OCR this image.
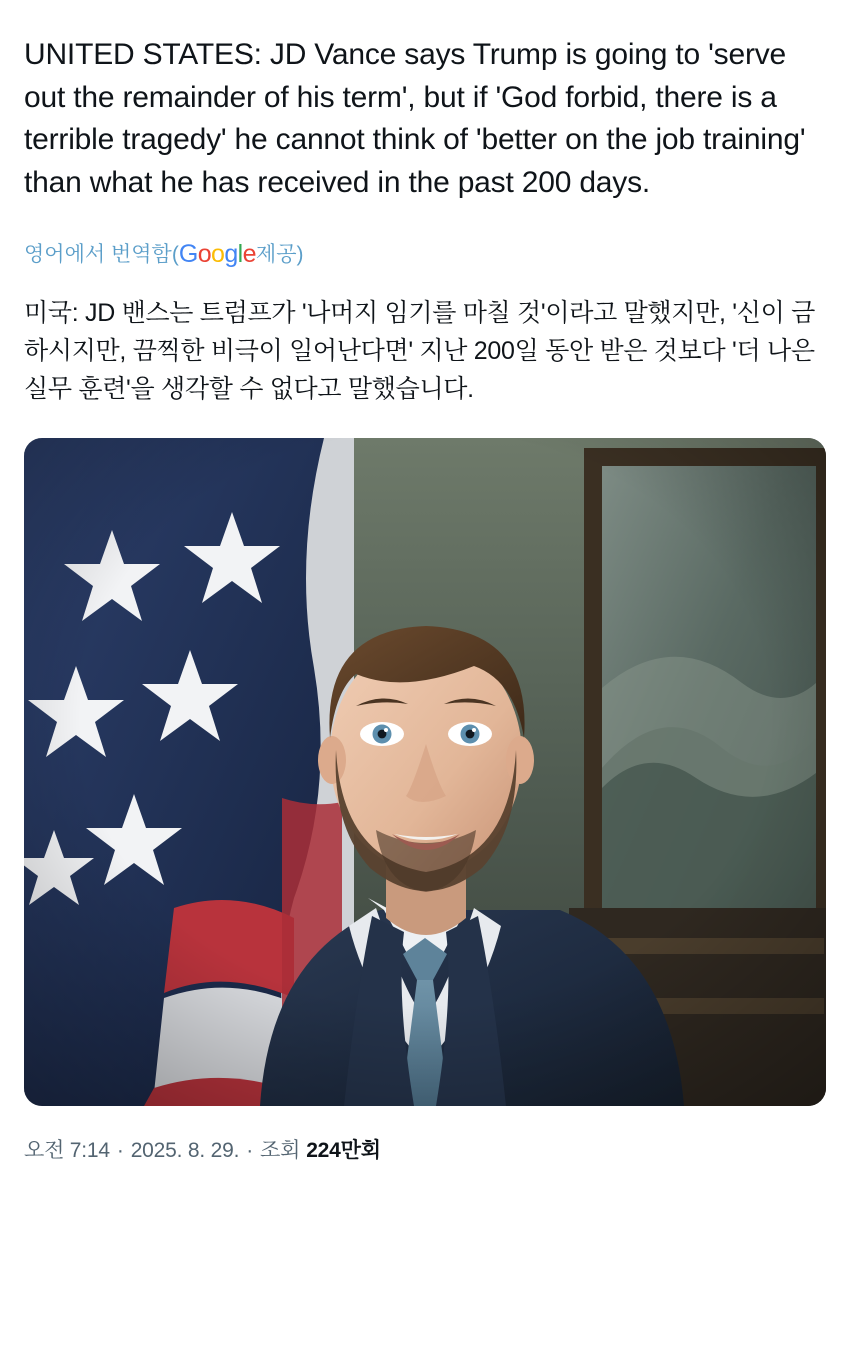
UNITED STATES: JD Vance says Trump is going to 'serve out the remainder of his term', but if 'God forbid, there is a terrible tragedy' he cannot think of 'better on the job training' than what he has received in the past 200 days.
영어에서 번역함( Google 제공)
미국: JD 밴스는 트럼프가 '나머지 임기를 마칠 것'이라고 말했지만, '신이 금하시지만, 끔찍한 비극이 일어난다면' 지난 200일 동안 받은 것보다 '더 나은 실무 훈련'을 생각할 수 없다고 말했습니다.
오전 7:14 · 2025. 8. 29. · 조회 224만회
